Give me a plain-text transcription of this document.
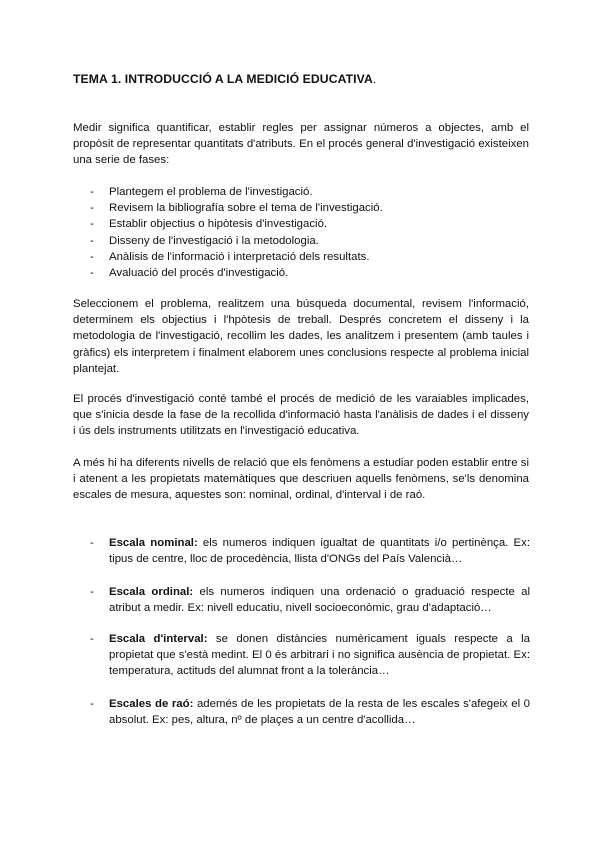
TEMA 1. INTRODUCCIÓ A LA MEDICIÓ EDUCATIVA.

Medir significa quantificar, establir regles per assignar números a objectes, amb el propòsit de representar quantitats d'atributs. En el procés general d'investigació existeixen una serie de fases:

- Plantegem el problema de l'investigació.
- Revisem la bibliografía sobre el tema de l'investigació.
- Establir objectius o hipòtesis d'investigació.
- Disseny de l'investigació i la metodologia.
- Anàlisis de l'informació i interpretació dels resultats.
- Avaluació del procés d'investigació.

Seleccionem el problema, realitzem una búsqueda documental, revisem l'informació, determinem els objectius i l'hpòtesis de treball. Després concretem el disseny i la metodologia de l'investigació, recollim les dades, les analitzem i presentem (amb taules i gràfics) els interpretem i finalment elaborem unes conclusions respecte al problema inicial plantejat.

El procés d'investigació conté també el procés de medició de les varaiables implicades, que s'inicia desde la fase de la recollida d'informació hasta l'anàlisis de dades i el disseny i ús dels instruments utilitzats en l'investigació educativa.

A més hi ha diferents nivells de relació que els fenòmens a estudiar poden establir entre si i atenent a les propietats matemàtiques que descriuen aquells fenòmens, se'ls denomina escales de mesura, aquestes son: nominal, ordinal, d'interval i de raó.

- Escala nominal: els numeros indiquen igualtat de quantitats i/o pertinènça. Ex: tipus de centre, lloc de procedència, llista d'ONGs del País Valencià…
- Escala ordinal: els numeros indiquen una ordenació o graduació respecte al atribut a medir. Ex: nivell educatiu, nivell socioeconòmic, grau d'adaptació…
- Escala d'interval: se donen distàncies numèricament iguals respecte a la propietat que s'està medint. El 0 és arbitrari i no significa ausència de propietat. Ex: temperatura, actituds del alumnat front a la tolerància…
- Escales de raó: ademés de les propietats de la resta de les escales s'afegeix el 0 absolut. Ex: pes, altura, nº de plaçes a un centre d'acollida…
